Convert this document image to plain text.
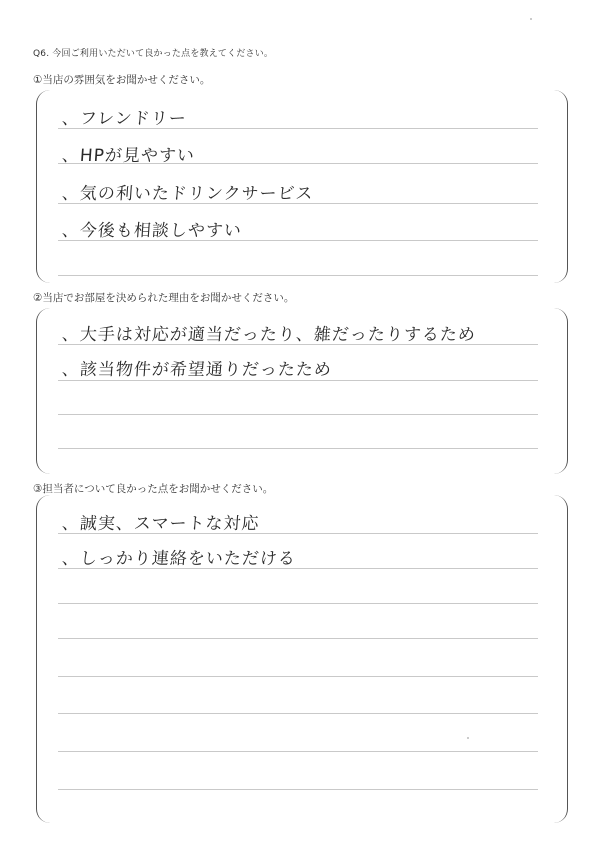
Q6. 今回ご利用いただいて良かった点を教えてください。
①当店の雰囲気をお聞かせください。
、フレンドリー
、HPが見やすい
、気の利いたドリンクサービス
、今後も相談しやすい
②当店でお部屋を決められた理由をお聞かせください。
、大手は対応が適当だったり、雑だったりするため
、該当物件が希望通りだったため
③担当者について良かった点をお聞かせください。
、誠実、スマートな対応
、しっかり連絡をいただける
